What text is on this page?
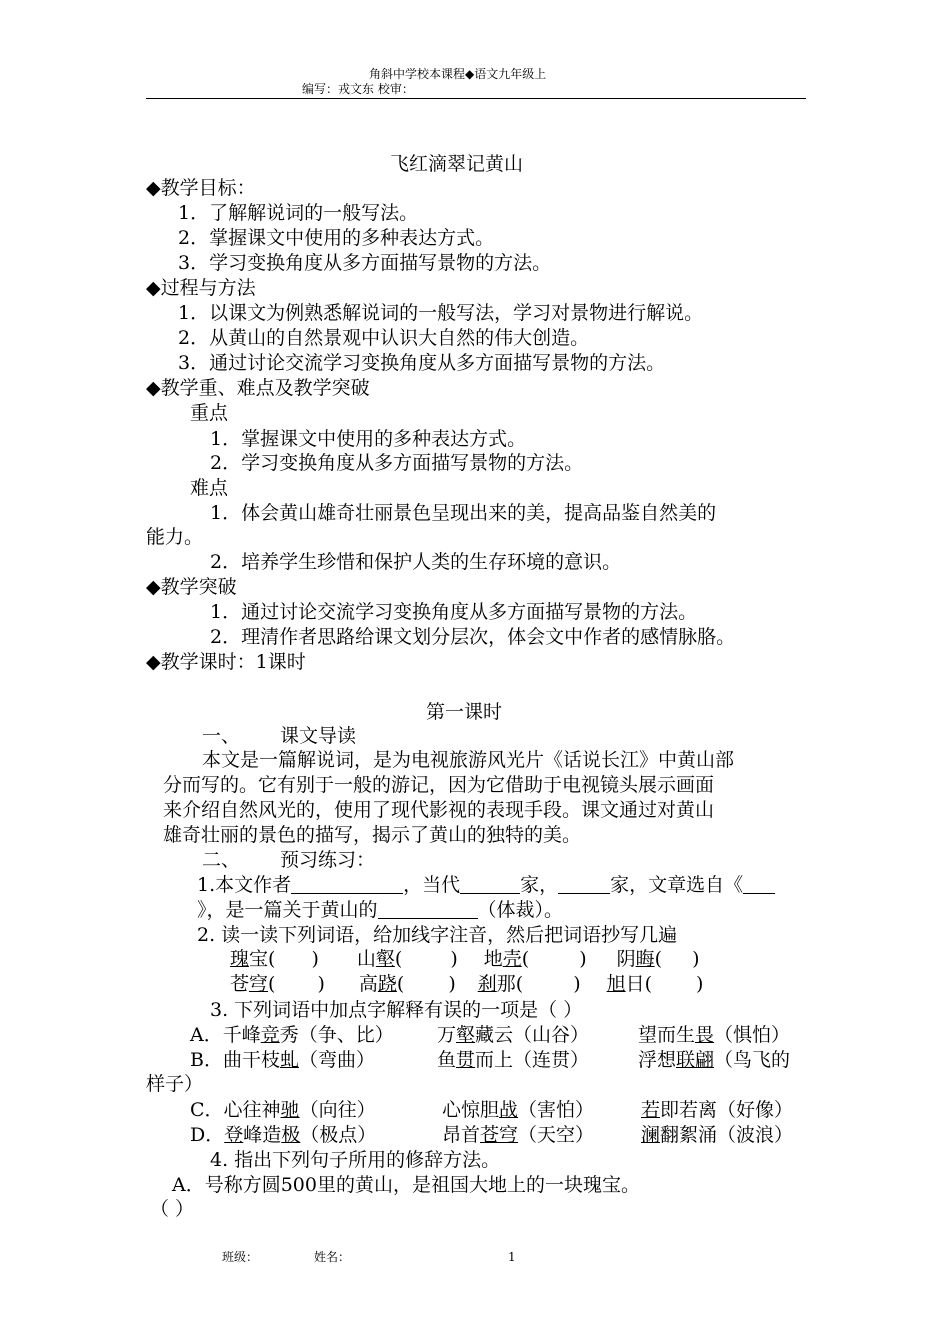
角斜中学校本课程◆语文九年级上
编写：戎文东 校审：
飞红滴翠记黄山
◆教学目标：
1．了解解说词的一般写法。
2．掌握课文中使用的多种表达方式。
3．学习变换角度从多方面描写景物的方法。
◆过程与方法
1．以课文为例熟悉解说词的一般写法，学习对景物进行解说。
2．从黄山的自然景观中认识大自然的伟大创造。
3．通过讨论交流学习变换角度从多方面描写景物的方法。
◆教学重、难点及教学突破
重点
1．掌握课文中使用的多种表达方式。
2．学习变换角度从多方面描写景物的方法。
难点
1．体会黄山雄奇壮丽景色呈现出来的美，提高品鉴自然美的
能力。
2．培养学生珍惜和保护人类的生存环境的意识。
◆教学突破
1．通过讨论交流学习变换角度从多方面描写景物的方法。
2．理清作者思路给课文划分层次，体会文中作者的感情脉胳。
◆教学课时：1课时
第一课时
一、 课文导读
本文是一篇解说词，是为电视旅游风光片《话说长江》中黄山部
分而写的。它有别于一般的游记，因为它借助于电视镜头展示画面
来介绍自然风光的，使用了现代影视的表现手段。课文通过对黄山
雄奇壮丽的景色的描写，揭示了黄山的独特的美。
二、 预习练习：
1.本文作者	，当代	家，	家，文章选自《
》，是一篇关于黄山的	（体裁）。
2. 读一读下列词语，给加线字注音，然后把词语抄写几遍
瑰宝( ) 山壑(	) 地壳(	) 阴晦( )
苍穹( ) 高跷( ) 刹那(	) 旭日( )
3. 下列词语中加点字解释有误的一项是（ ）
A．千峰竞秀（争、比） 万壑藏云（山谷）	望而生畏（惧怕）
B．曲干枝虬（弯曲）	鱼贯而上（连贯）	浮想联翩（鸟飞的
样子）
C．心往神驰（向往）	心惊胆战（害怕） 若即若离（好像）
D．登峰造极（极点）	昂首苍穹（天空） 澜翻絮涌（波浪）
4. 指出下列句子所用的修辞方法。
A．号称方圆500里的黄山，是祖国大地上的一块瑰宝。
（ ）
班级：	姓名：	1
